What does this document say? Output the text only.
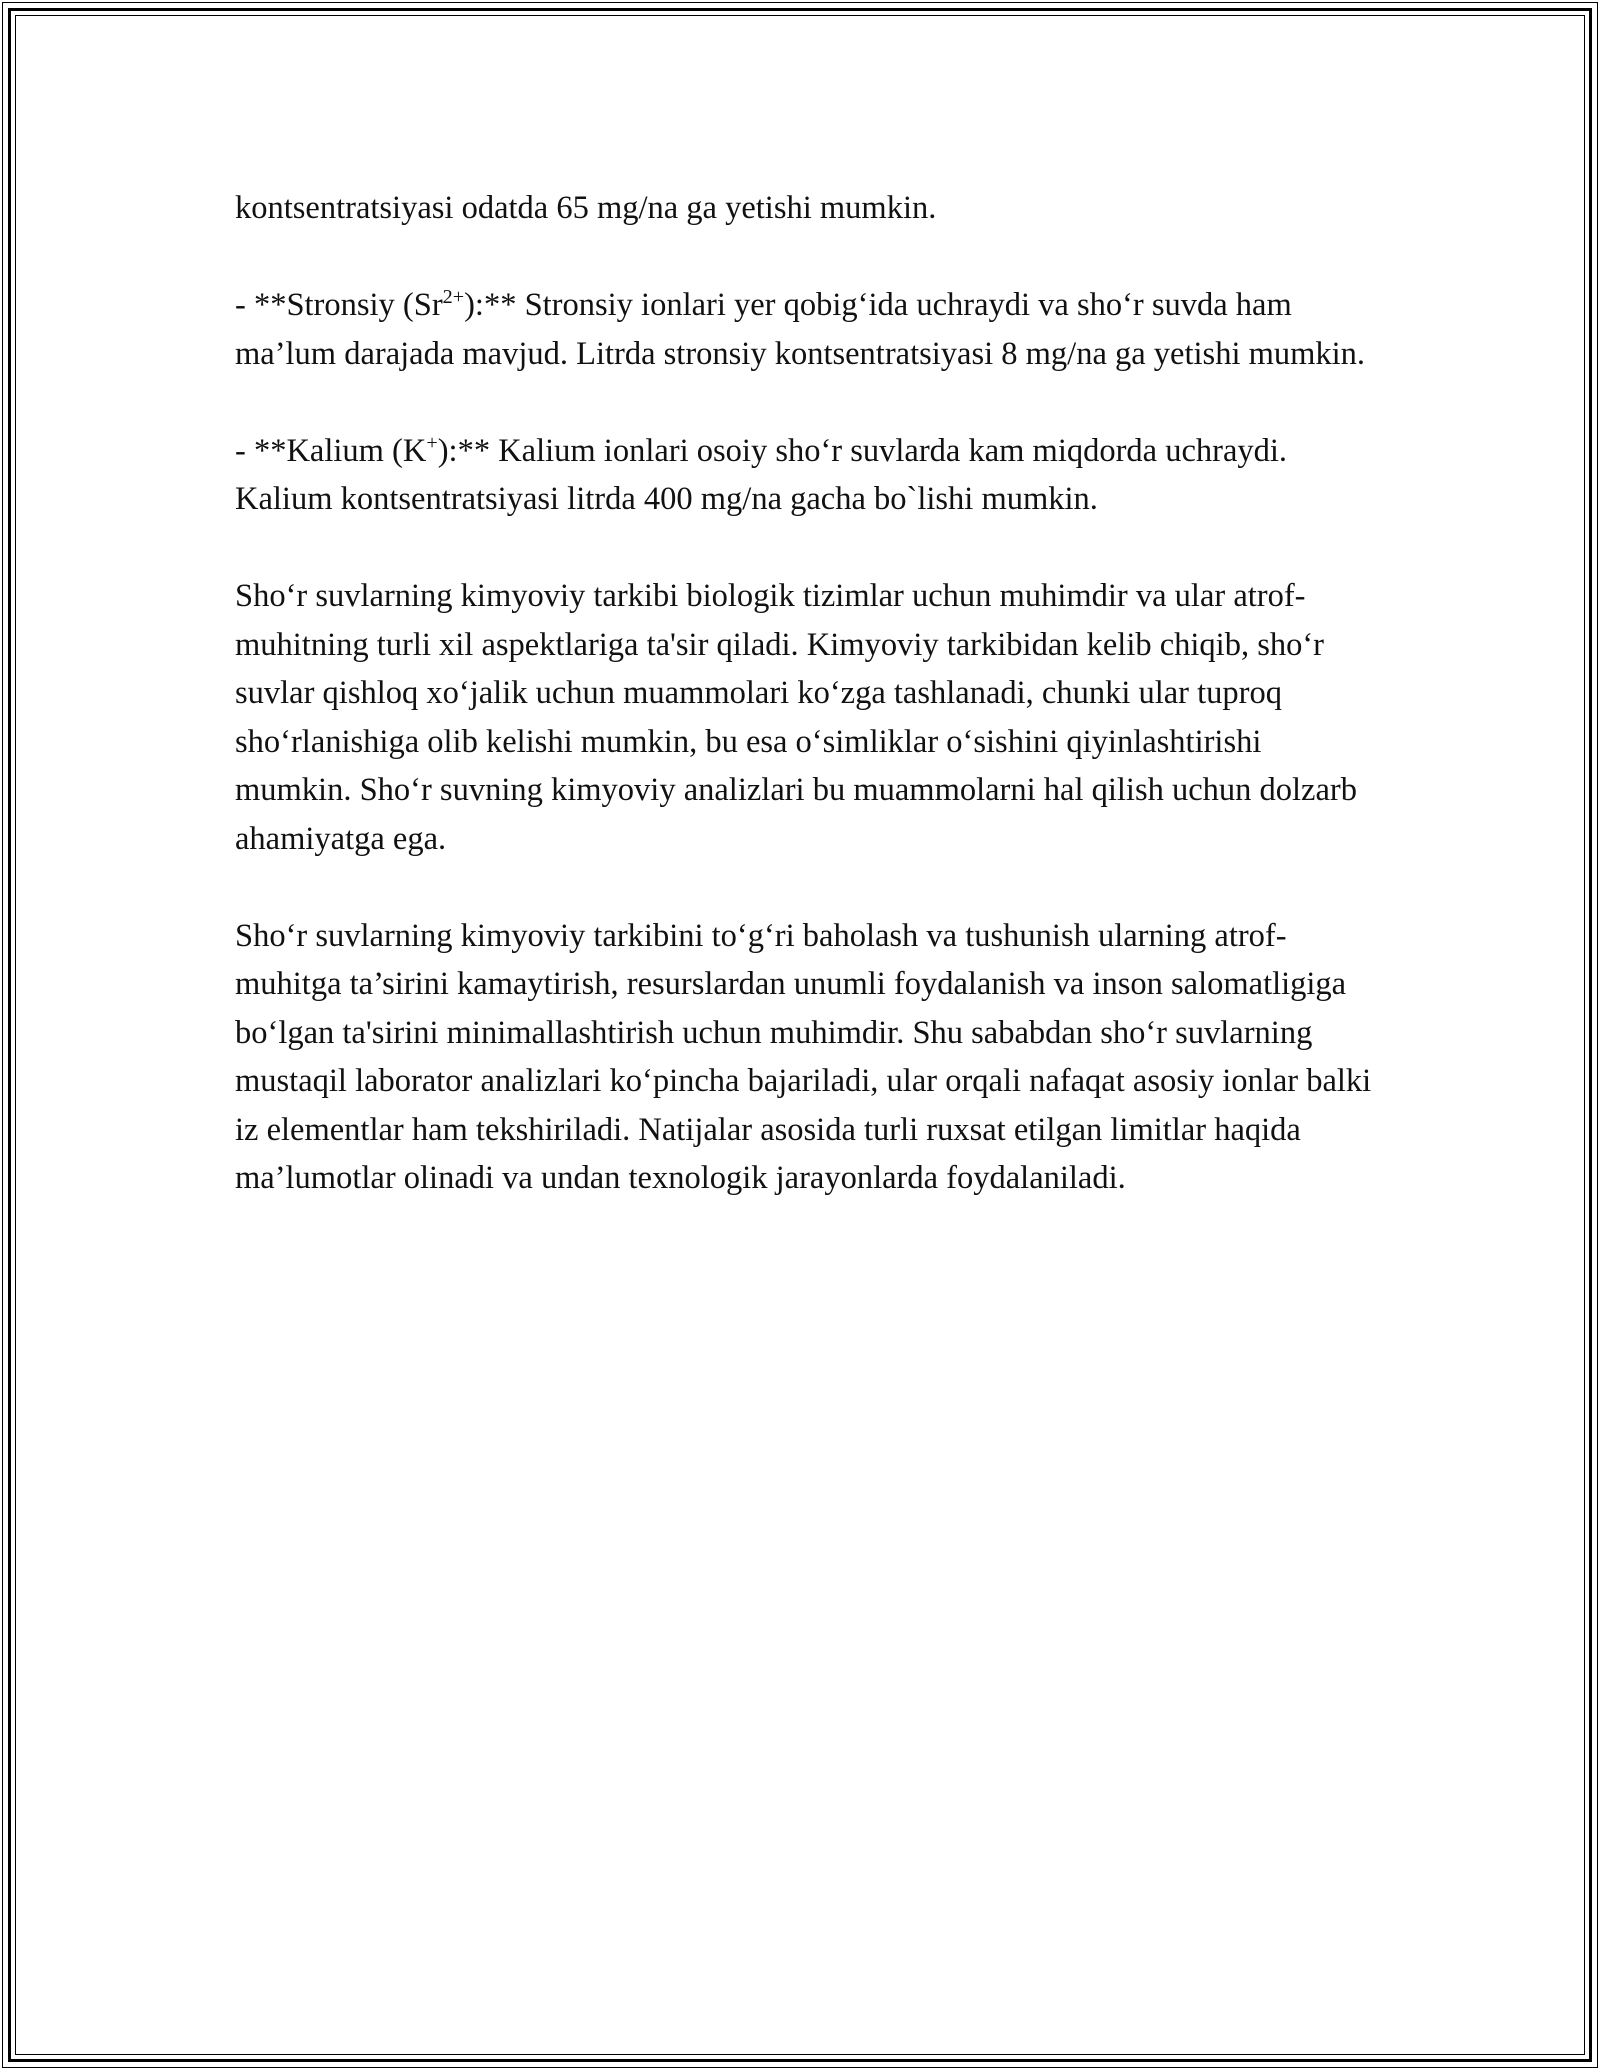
kontsentratsiyasi odatda 65 mg/na ga yetishi mumkin.

- **Stronsiy $(Sr^{2+}):**$ Stronsiy ionlari yer qobig‘ida uchraydi va sho‘r suvda ham ma’lum darajada mavjud. Litrda stronsiy kontsentratsiyasi 8 mg/na ga yetishi mumkin.

- **Kalium (K+):** Kalium ionlari osoiy sho‘r suvlarda kam miqdorda uchraydi. Kalium kontsentratsiyasi litrda 400 mg/na gacha bo`lishi mumkin.

Sho‘r suvlarning kimyoviy tarkibi biologik tizimlar uchun muhimdir va ular atrof-muhitning turli xil aspektlariga ta'sir qiladi. Kimyoviy tarkibidan kelib chiqib, sho‘r suvlar qishloq xo‘jalik uchun muammolari ko‘zga tashlanadi, chunki ular tuproq sho‘rlanishiga olib kelishi mumkin, bu esa o‘simliklar o‘sishini qiyinlashtirishi mumkin. Sho‘r suvning kimyoviy analizlari bu muammolarni hal qilish uchun dolzarb ahamiyatga ega.

Sho‘r suvlarning kimyoviy tarkibini to‘g‘ri baholash va tushunish ularning atrof-muhitga ta’sirini kamaytirish, resurslardan unumli foydalanish va inson salomatligiga bo‘lgan ta'sirini minimallashtirish uchun muhimdir. Shu sababdan sho‘r suvlarning mustaqil laborator analizlari ko‘pincha bajariladi, ular orqali nafaqat asosiy ionlar balki iz elementlar ham tekshiriladi. Natijalar asosida turli ruxsat etilgan limitlar haqida ma’lumotlar olinadi va undan texnologik jarayonlarda foydalaniladi.
